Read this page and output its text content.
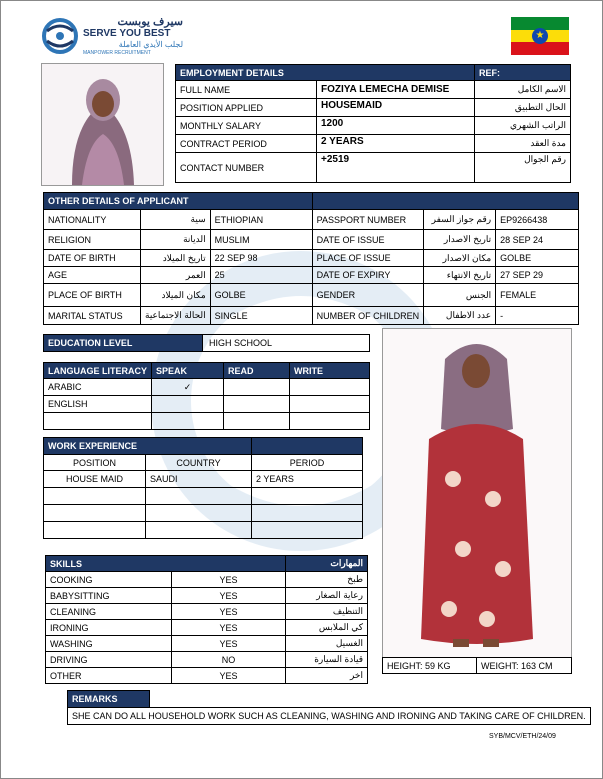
سيرف يوبست
SERVE YOU BEST
لجلب الأيدي العاملة
MANPOWER RECRUITMENT
★
EMPLOYMENT DETAILS		REF:
FULL NAME	FOZIYA LEMECHA DEMISE	الاسم الكامل
POSITION APPLIED	HOUSEMAID	الحال التطبيق
MONTHLY SALARY	1200	الراتب الشهري
CONTRACT PERIOD	2 YEARS	مدة العقد
CONTACT NUMBER	+2519	رقم الجوال
OTHER DETAILS OF APPLICANT					
NATIONALITY	سية	ETHIOPIAN	PASSPORT NUMBER	رقم جواز السفر	EP9266438
RELIGION	الديانة	MUSLIM	DATE OF ISSUE	تاريخ الاصدار	28 SEP 24
DATE OF BIRTH	تاريخ الميلاد	22 SEP 98	PLACE OF ISSUE	مكان الاصدار	GOLBE
AGE	العمر	25	DATE OF EXPIRY	تاريخ الانتهاء	27 SEP 29
PLACE OF BIRTH	مكان الميلاد	GOLBE	GENDER	الجنس	FEMALE
MARITAL STATUS	الحالة الاجتماعية	SINGLE	NUMBER OF CHILDREN	عدد الاطفال	-
EDUCATION LEVEL	HIGH SCHOOL
LANGUAGE LITERACY	SPEAK	READ	WRITE
ARABIC	✓		
ENGLISH			

WORK EXPERIENCE		
POSITION	COUNTRY	PERIOD
HOUSE MAID	SAUDI	2 YEARS

SKILLS		المهارات
COOKING	YES	طبخ
BABYSITTING	YES	رعاية الصغار
CLEANING	YES	التنظيف
IRONING	YES	كي الملابس
WASHING	YES	الغسيل
DRIVING	NO	قيادة السيارة
OTHER	YES	اخر
HEIGHT: 59 KG	WEIGHT: 163 CM
REMARKS	
SHE CAN DO ALL HOUSEHOLD WORK SUCH AS CLEANING, WASHING AND IRONING AND TAKING CARE OF CHILDREN.

SYB/MCV/ETH/24/09
